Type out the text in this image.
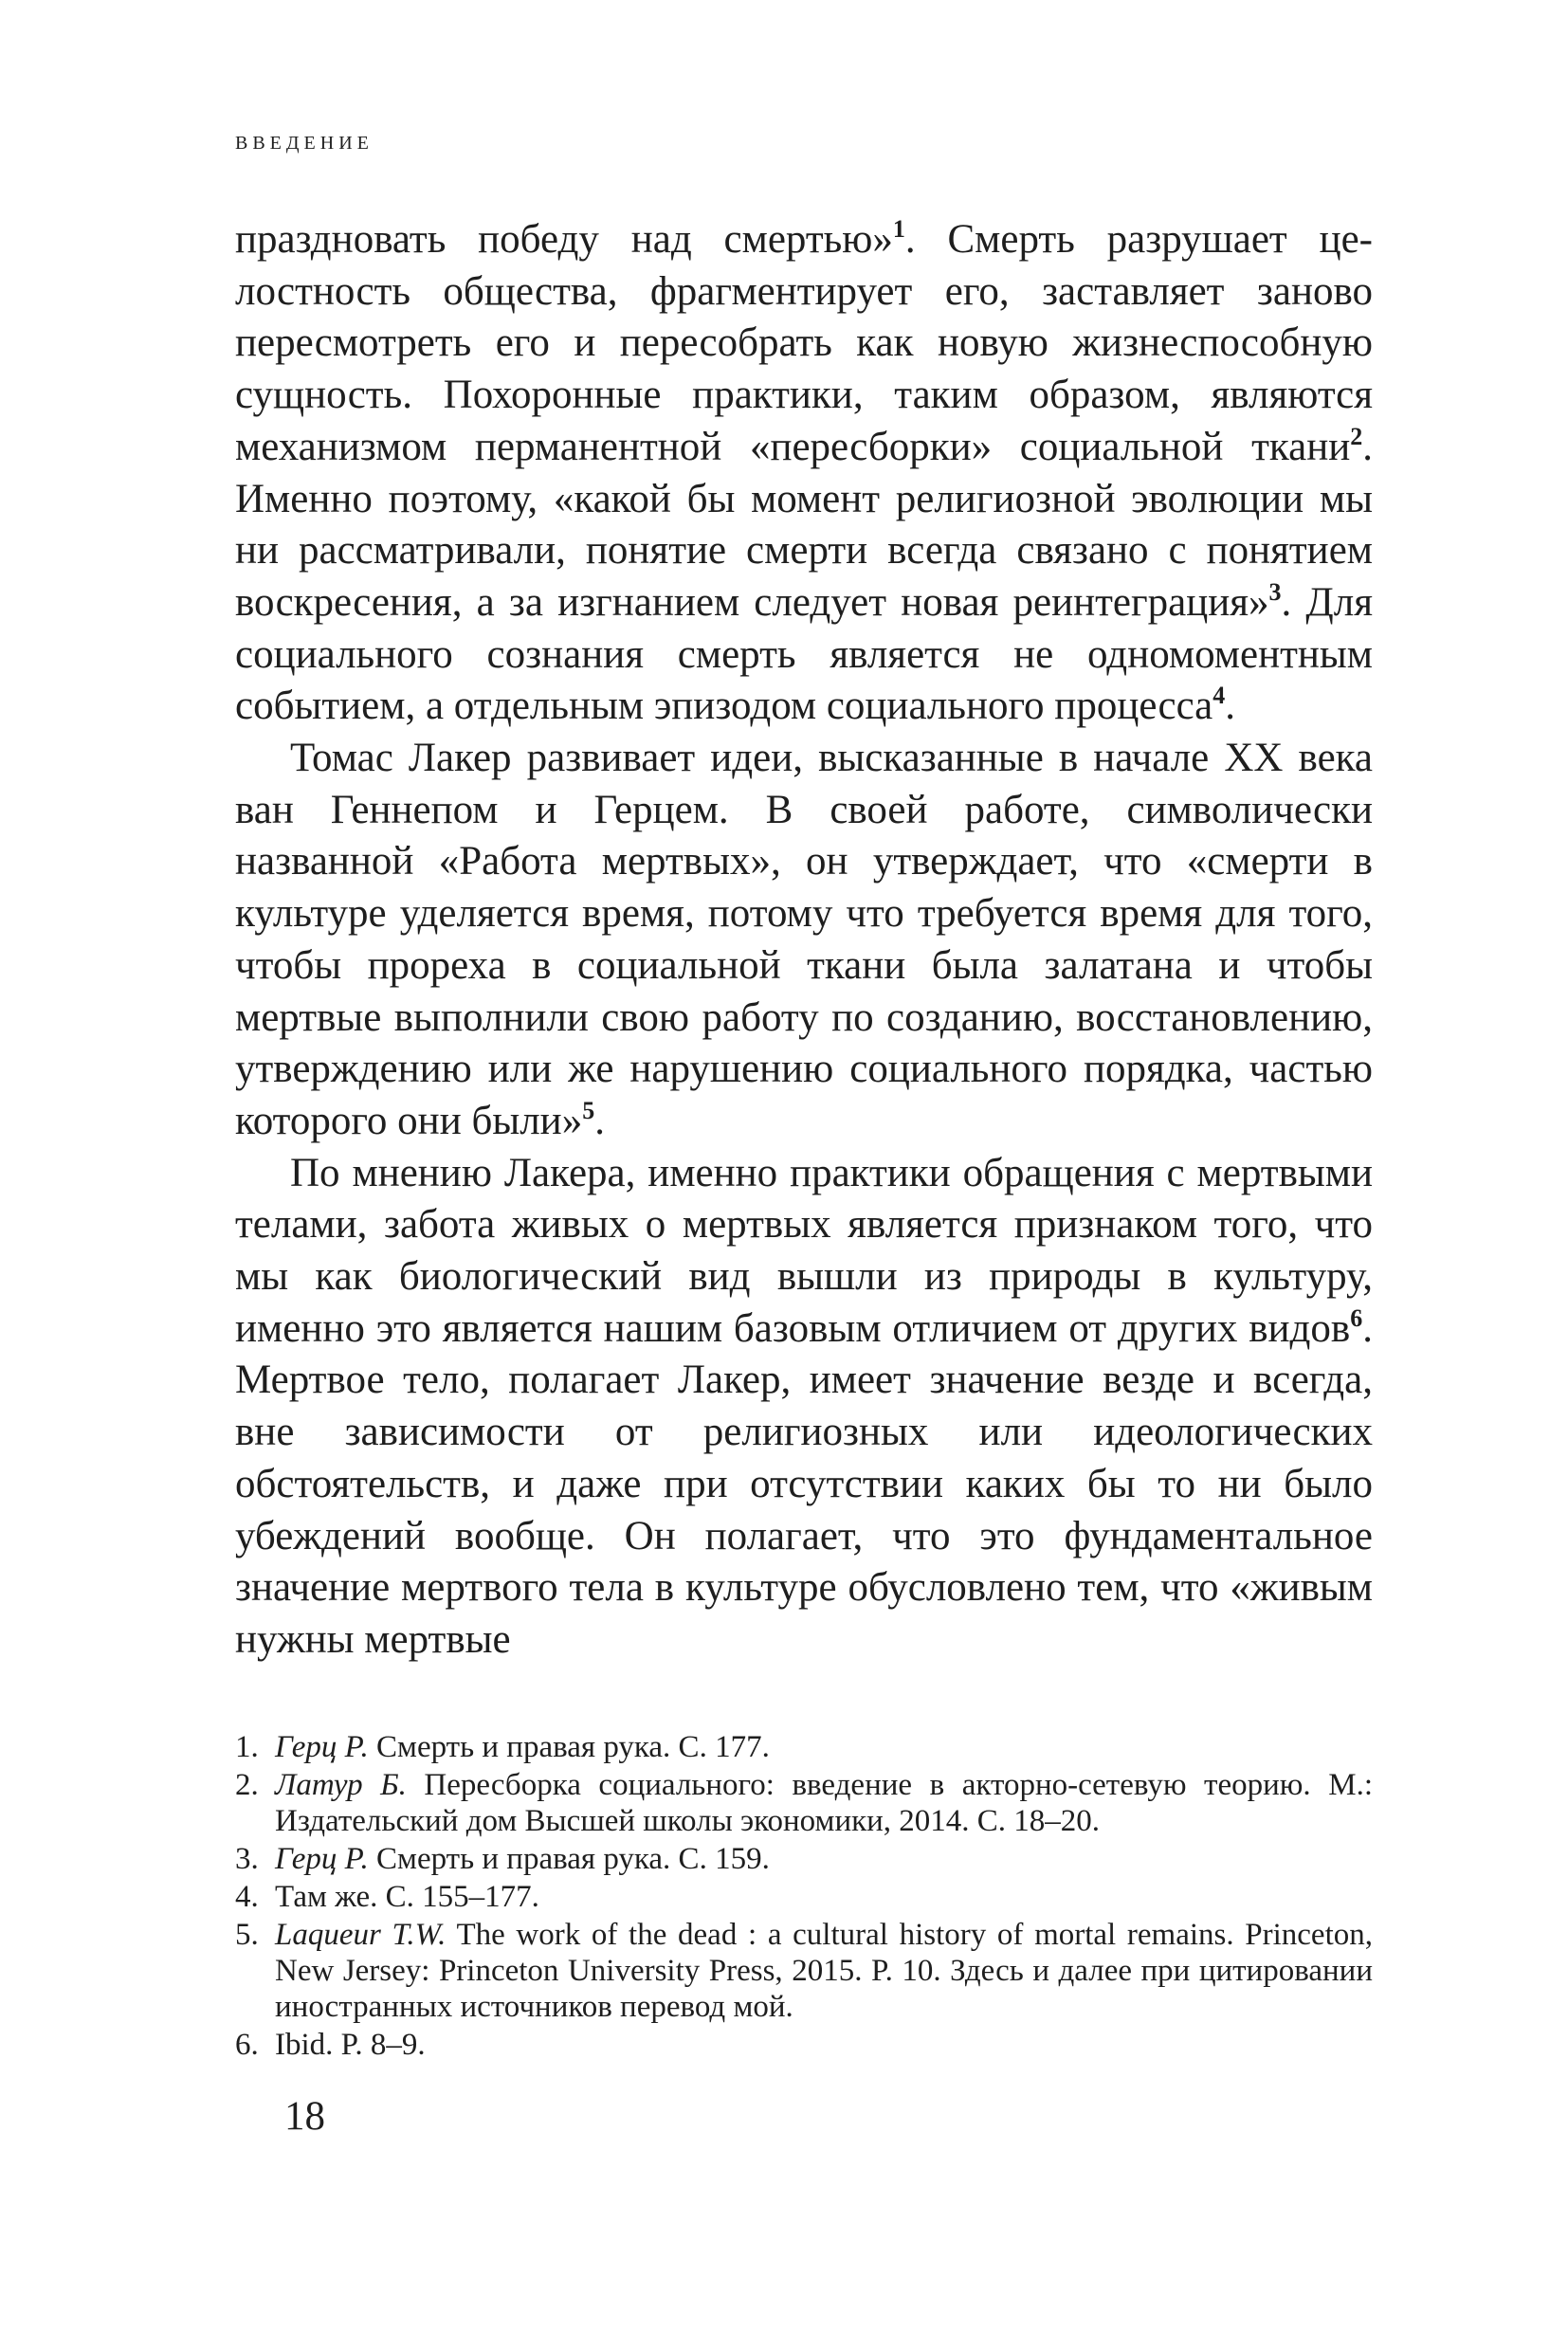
ВВЕДЕНИЕ

праздновать победу над смертью»$^1$. Смерть разрушает целостность общества, фрагментирует его, заставляет заново пересмотреть его и пересобрать как новую жизнеспособную сущность. Похоронные практики, таким образом, являются механизмом перманентной «пересборки» социальной ткани$^2$. Именно поэтому, «какой бы момент религиозной эволюции мы ни рассматривали, понятие смерти всегда связано с понятием воскресения, а за изгнанием следует новая реинтеграция»$^3$. Для социального сознания смерть является не одномоментным событием, а отдельным эпизодом социального процесса$^4$.

Томас Лакер развивает идеи, высказанные в начале XX века ван Геннепом и Герцем. В своей работе, символически названной «Работа мертвых», он утверждает, что «смерти в культуре уделяется время, потому что требуется время для того, чтобы прореха в социальной ткани была залатана и чтобы мертвые выполнили свою работу по созданию, восстановлению, утверждению или же нарушению социального порядка, частью которого они были»$^5$.

По мнению Лакера, именно практики обращения с мертвыми телами, забота живых о мертвых является признаком того, что мы как биологический вид вышли из природы в культуру, именно это является нашим базовым отличием от других видов$^6$. Мертвое тело, полагает Лакер, имеет значение везде и всегда, вне зависимости от религиозных или идеологических обстоятельств, и даже при отсутствии каких бы то ни было убеждений вообще. Он полагает, что это фундаментальное значение мертвого тела в культуре обусловлено тем, что «живым нужны мертвые

1. Герц Р. Смерть и правая рука. С. 177.
2. Латур Б. Пересборка социального: введение в акторно-сетевую теорию. М.: Издательский дом Высшей школы экономики, 2014. С. 18–20.
3. Герц Р. Смерть и правая рука. С. 159.
4. Там же. С. 155–177.
5. Laqueur T.W. The work of the dead : a cultural history of mortal remains. Princeton, New Jersey: Princeton University Press, 2015. P. 10. Здесь и далее при цитировании иностранных источников перевод мой.
6. Ibid. P. 8–9.
18
